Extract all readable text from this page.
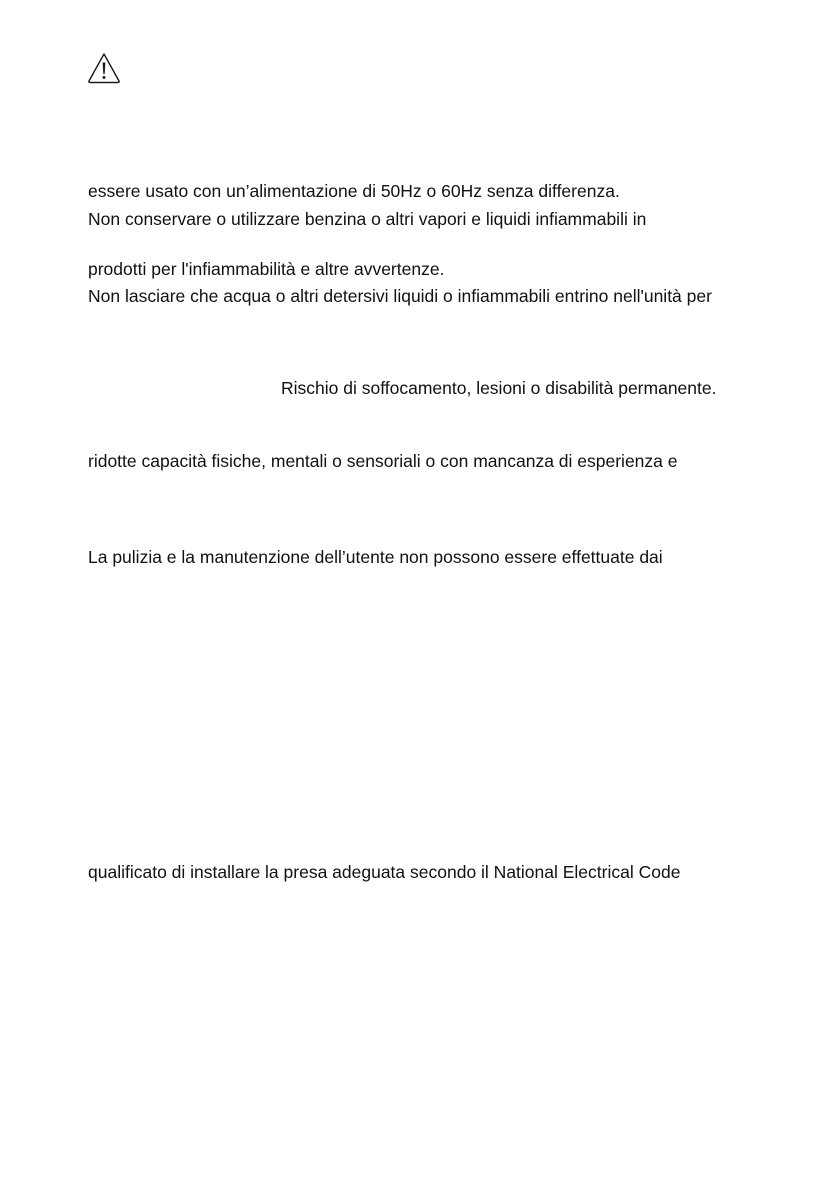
essere usato con un’alimentazione di 50Hz o 60Hz senza differenza.

Non conservare o utilizzare benzina o altri vapori e liquidi infiammabili in

prodotti per l'infiammabilità e altre avvertenze.

Non lasciare che acqua o altri detersivi liquidi o infiammabili entrino nell'unità per

Rischio di soffocamento, lesioni o disabilità permanente.

ridotte capacità fisiche, mentali o sensoriali o con mancanza di esperienza e

La pulizia e la manutenzione dell’utente non possono essere effettuate dai

qualificato di installare la presa adeguata secondo il National Electrical Code
